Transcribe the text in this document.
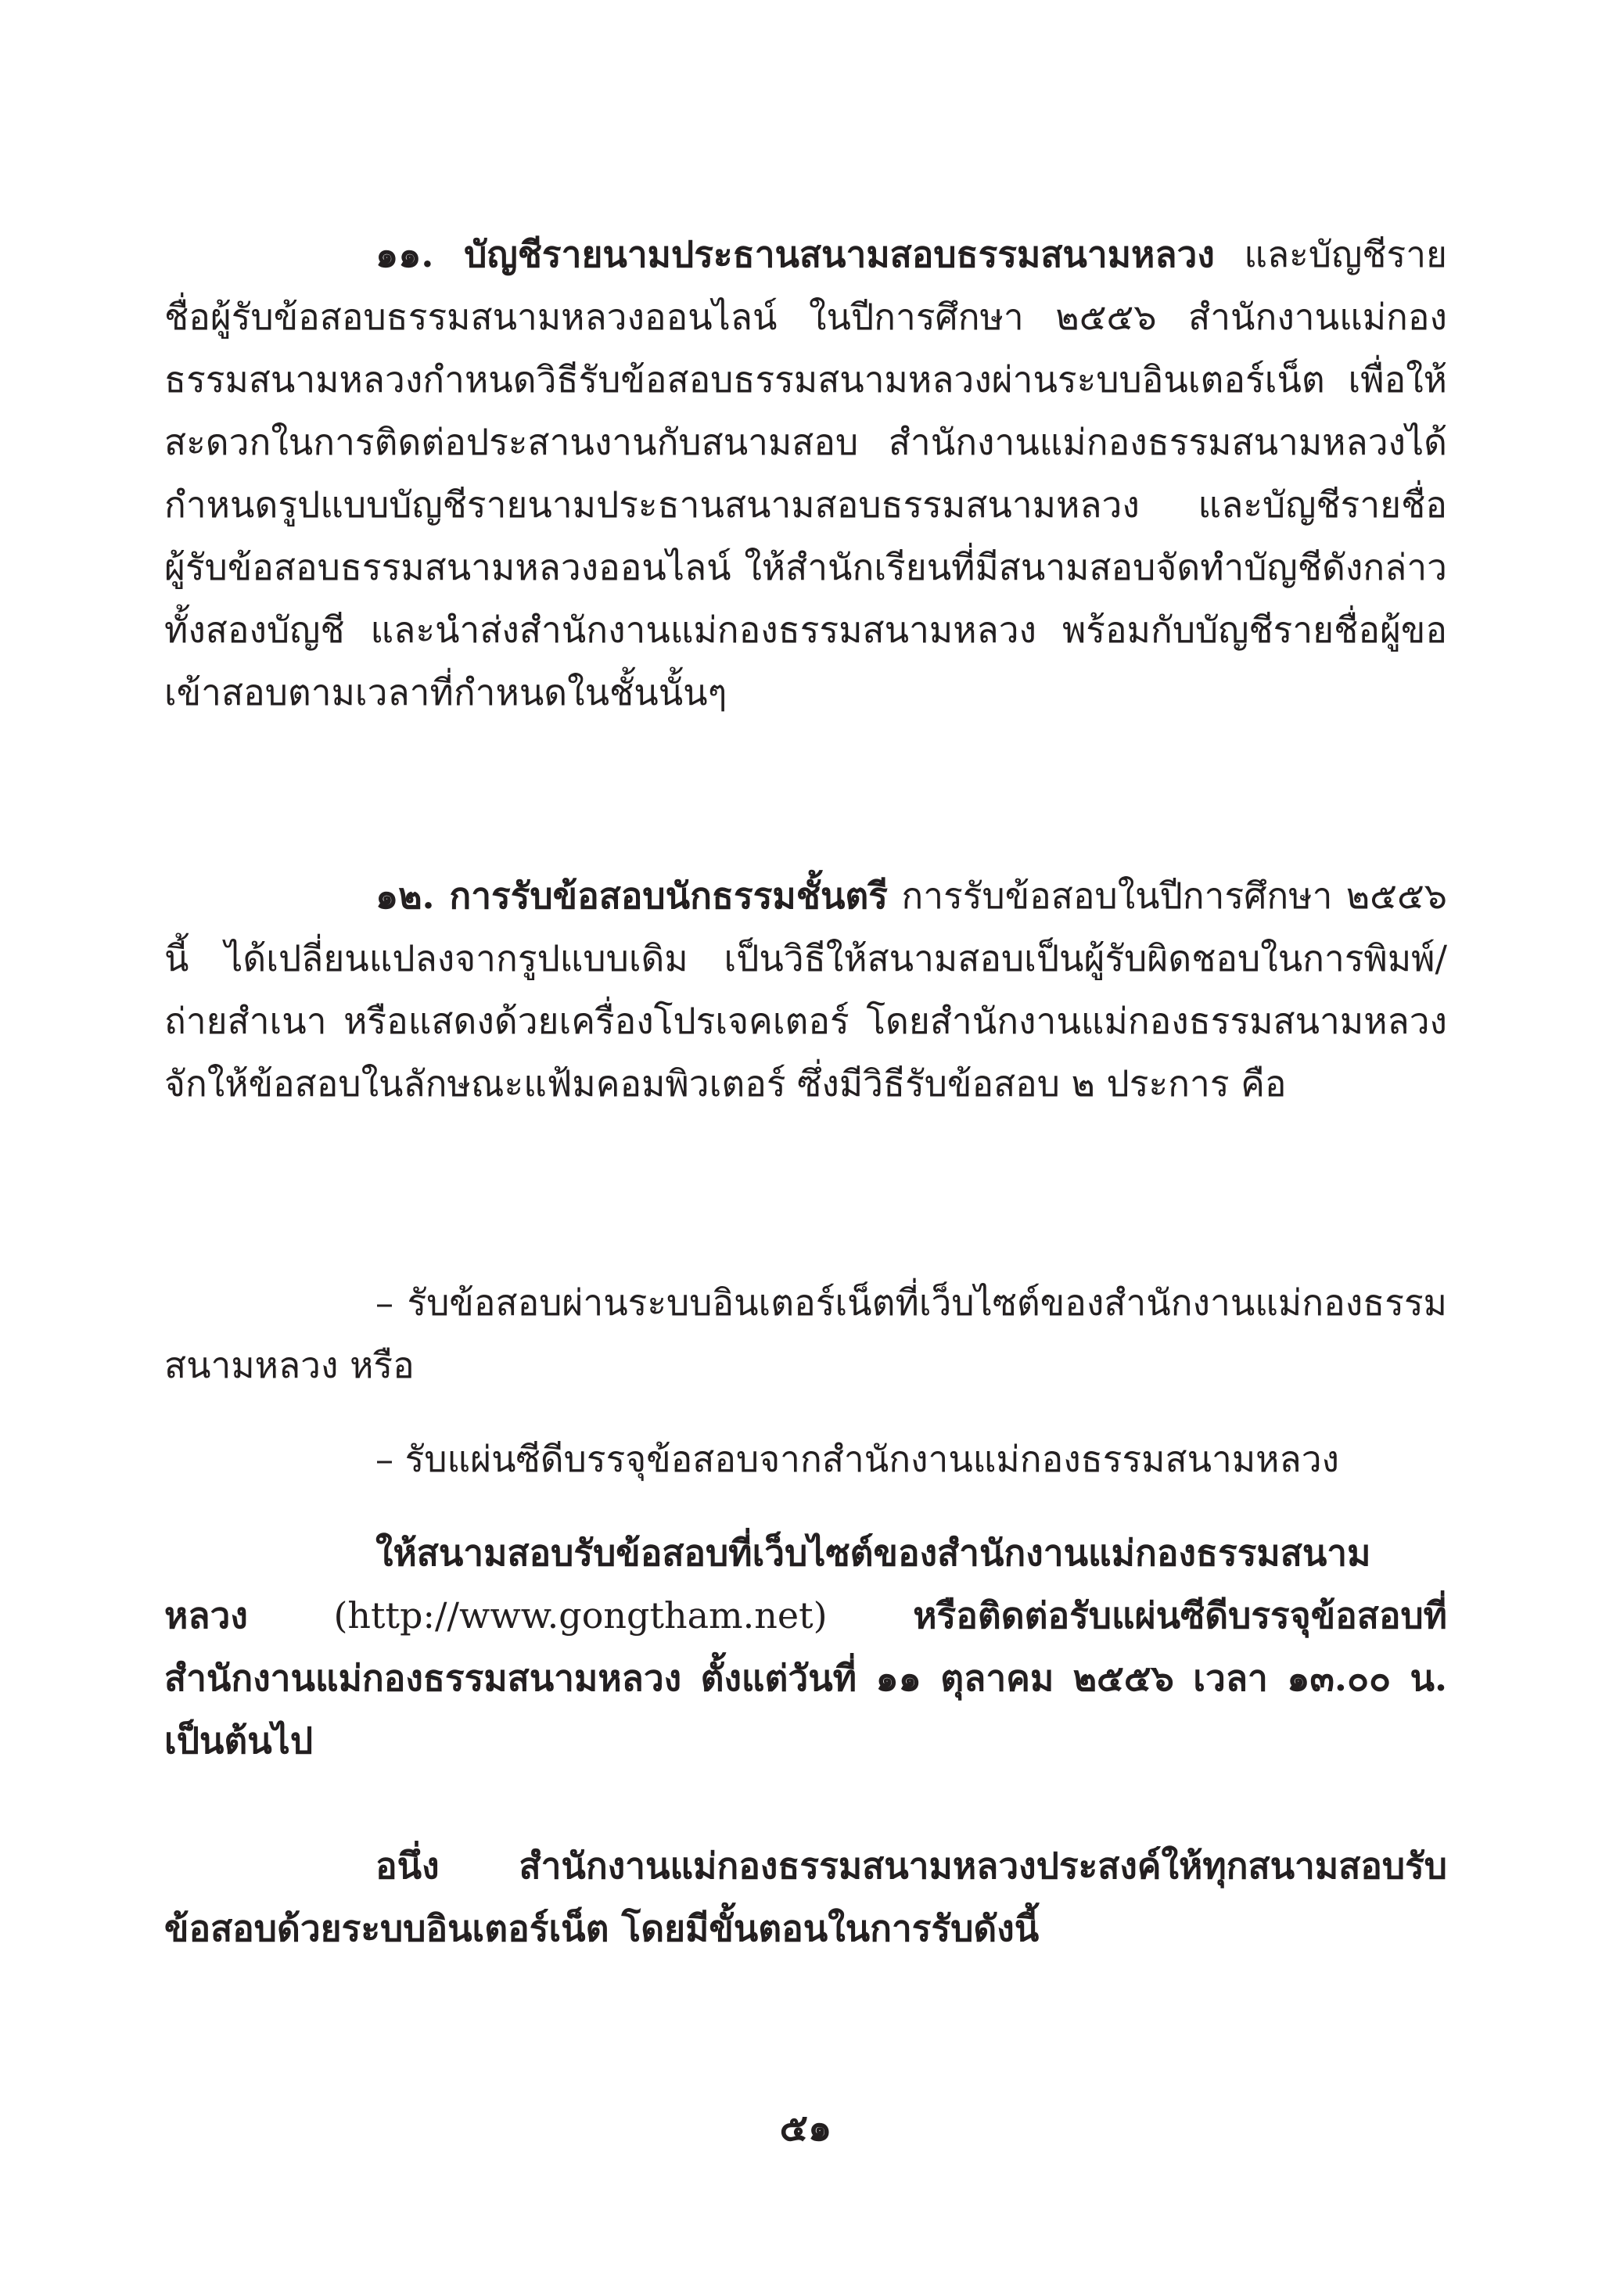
๑๑. บัญชีรายนามประธานสนามสอบธรรมสนามหลวง และบัญชีรายชื่อผู้รับข้อสอบธรรมสนามหลวงออนไลน์ ในปีการศึกษา ๒๕๕๖ สำนักงานแม่กองธรรมสนามหลวงกำหนดวิธีรับข้อสอบธรรมสนามหลวงผ่านระบบอินเตอร์เน็ต เพื่อให้สะดวกในการติดต่อประสานงานกับสนามสอบ สำนักงานแม่กองธรรมสนามหลวงได้กำหนดรูปแบบบัญชีรายนามประธานสนามสอบธรรมสนามหลวง และบัญชีรายชื่อผู้รับข้อสอบธรรมสนามหลวงออนไลน์ ให้สำนักเรียนที่มีสนามสอบจัดทำบัญชีดังกล่าวทั้งสองบัญชี และนำส่งสำนักงานแม่กองธรรมสนามหลวง พร้อมกับบัญชีรายชื่อผู้ขอเข้าสอบตามเวลาที่กำหนดในชั้นนั้นๆ

๑๒. การรับข้อสอบนักธรรมชั้นตรี การรับข้อสอบในปีการศึกษา ๒๕๕๖ นี้ ได้เปลี่ยนแปลงจากรูปแบบเดิม เป็นวิธีให้สนามสอบเป็นผู้รับผิดชอบในการพิมพ์/ถ่ายสำเนา หรือแสดงด้วยเครื่องโปรเจคเตอร์ โดยสำนักงานแม่กองธรรมสนามหลวงจักให้ข้อสอบในลักษณะแฟ้มคอมพิวเตอร์ ซึ่งมีวิธีรับข้อสอบ ๒ ประการ คือ

– รับข้อสอบผ่านระบบอินเตอร์เน็ตที่เว็บไซต์ของสำนักงานแม่กองธรรมสนามหลวง หรือ

– รับแผ่นซีดีบรรจุข้อสอบจากสำนักงานแม่กองธรรมสนามหลวง

ให้สนามสอบรับข้อสอบที่เว็บไซต์ของสำนักงานแม่กองธรรมสนามหลวง (http://www.gongtham.net) หรือติดต่อรับแผ่นซีดีบรรจุข้อสอบที่สำนักงานแม่กองธรรมสนามหลวง ตั้งแต่วันที่ ๑๑ ตุลาคม ๒๕๕๖ เวลา ๑๓.๐๐ น. เป็นต้นไป

อนึ่ง สำนักงานแม่กองธรรมสนามหลวงประสงค์ให้ทุกสนามสอบรับข้อสอบด้วยระบบอินเตอร์เน็ต โดยมีขั้นตอนในการรับดังนี้

๕๑
